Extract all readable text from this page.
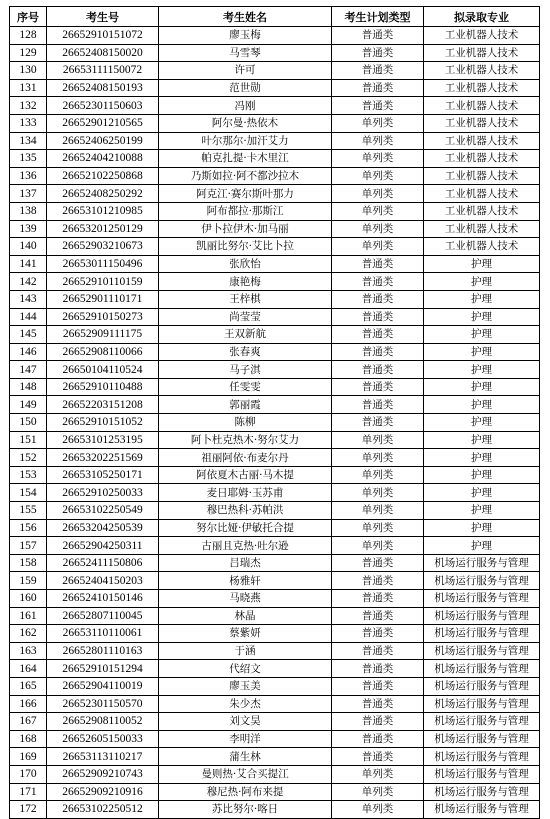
序号	考生号	考生姓名	考生计划类型	拟录取专业
128	26652910151072	廖玉梅	普通类	工业机器人技术
129	26652408150020	马雪琴	普通类	工业机器人技术
130	26653111150072	许可	普通类	工业机器人技术
131	26652408150193	范世勋	普通类	工业机器人技术
132	26652301150603	冯刚	普通类	工业机器人技术
133	26652901210565	阿尔曼·热依木	单列类	工业机器人技术
134	26652406250199	叶尔那尔·加汗艾力	单列类	工业机器人技术
135	26652404210088	帕克扎提·卡木里江	单列类	工业机器人技术
136	26652102250868	乃斯如拉·阿不都沙拉木	单列类	工业机器人技术
137	26652408250292	阿克江·赛尔斯叶那力	单列类	工业机器人技术
138	26653101210985	阿布都拉·那斯江	单列类	工业机器人技术
139	26653201250129	伊卜拉伊木·加马丽	单列类	工业机器人技术
140	26652903210673	凯丽比努尔·艾比卜拉	单列类	工业机器人技术
141	26653011150496	张欣怡	普通类	护理
142	26652910110159	康艳梅	普通类	护理
143	26652901110171	王梓棋	普通类	护理
144	26652910150273	尚莹莹	普通类	护理
145	26652909111175	王双新航	普通类	护理
146	26652908110066	张春爽	普通类	护理
147	26650104110524	马子淇	普通类	护理
148	26652910110488	任雯雯	普通类	护理
149	26652203151208	郭丽霞	普通类	护理
150	26652910151052	陈柳	普通类	护理
151	26653101253195	阿卜杜克热木·努尔艾力	单列类	护理
152	26653202251569	祖丽阿依·布麦尔丹	单列类	护理
153	26653105250171	阿依夏木古丽·马木提	单列类	护理
154	26652910250033	麦日耶姆·玉苏甫	单列类	护理
155	26653102250549	穆巴热科·苏帕洪	单列类	护理
156	26653204250539	努尔比娅·伊敏托合提	单列类	护理
157	26652904250311	古丽且克热·吐尔逊	单列类	护理
158	26652411150806	吕瑞杰	普通类	机场运行服务与管理
159	26652404150203	杨雅轩	普通类	机场运行服务与管理
160	26652410150146	马晓燕	普通类	机场运行服务与管理
161	26652807110045	林晶	普通类	机场运行服务与管理
162	26653110110061	蔡紫妍	普通类	机场运行服务与管理
163	26652801110163	于涵	普通类	机场运行服务与管理
164	26652910151294	代绍文	普通类	机场运行服务与管理
165	26652904110019	廖玉美	普通类	机场运行服务与管理
166	26652301150570	朱少杰	普通类	机场运行服务与管理
167	26652908110052	刘文昊	普通类	机场运行服务与管理
168	26652605150033	李明洋	普通类	机场运行服务与管理
169	26653113110217	蒲生林	普通类	机场运行服务与管理
170	26652909210743	曼则热·艾合买提江	单列类	机场运行服务与管理
171	26652909210916	穆尼热·阿布来提	单列类	机场运行服务与管理
172	26653102250512	苏比努尔·喀日	单列类	机场运行服务与管理
